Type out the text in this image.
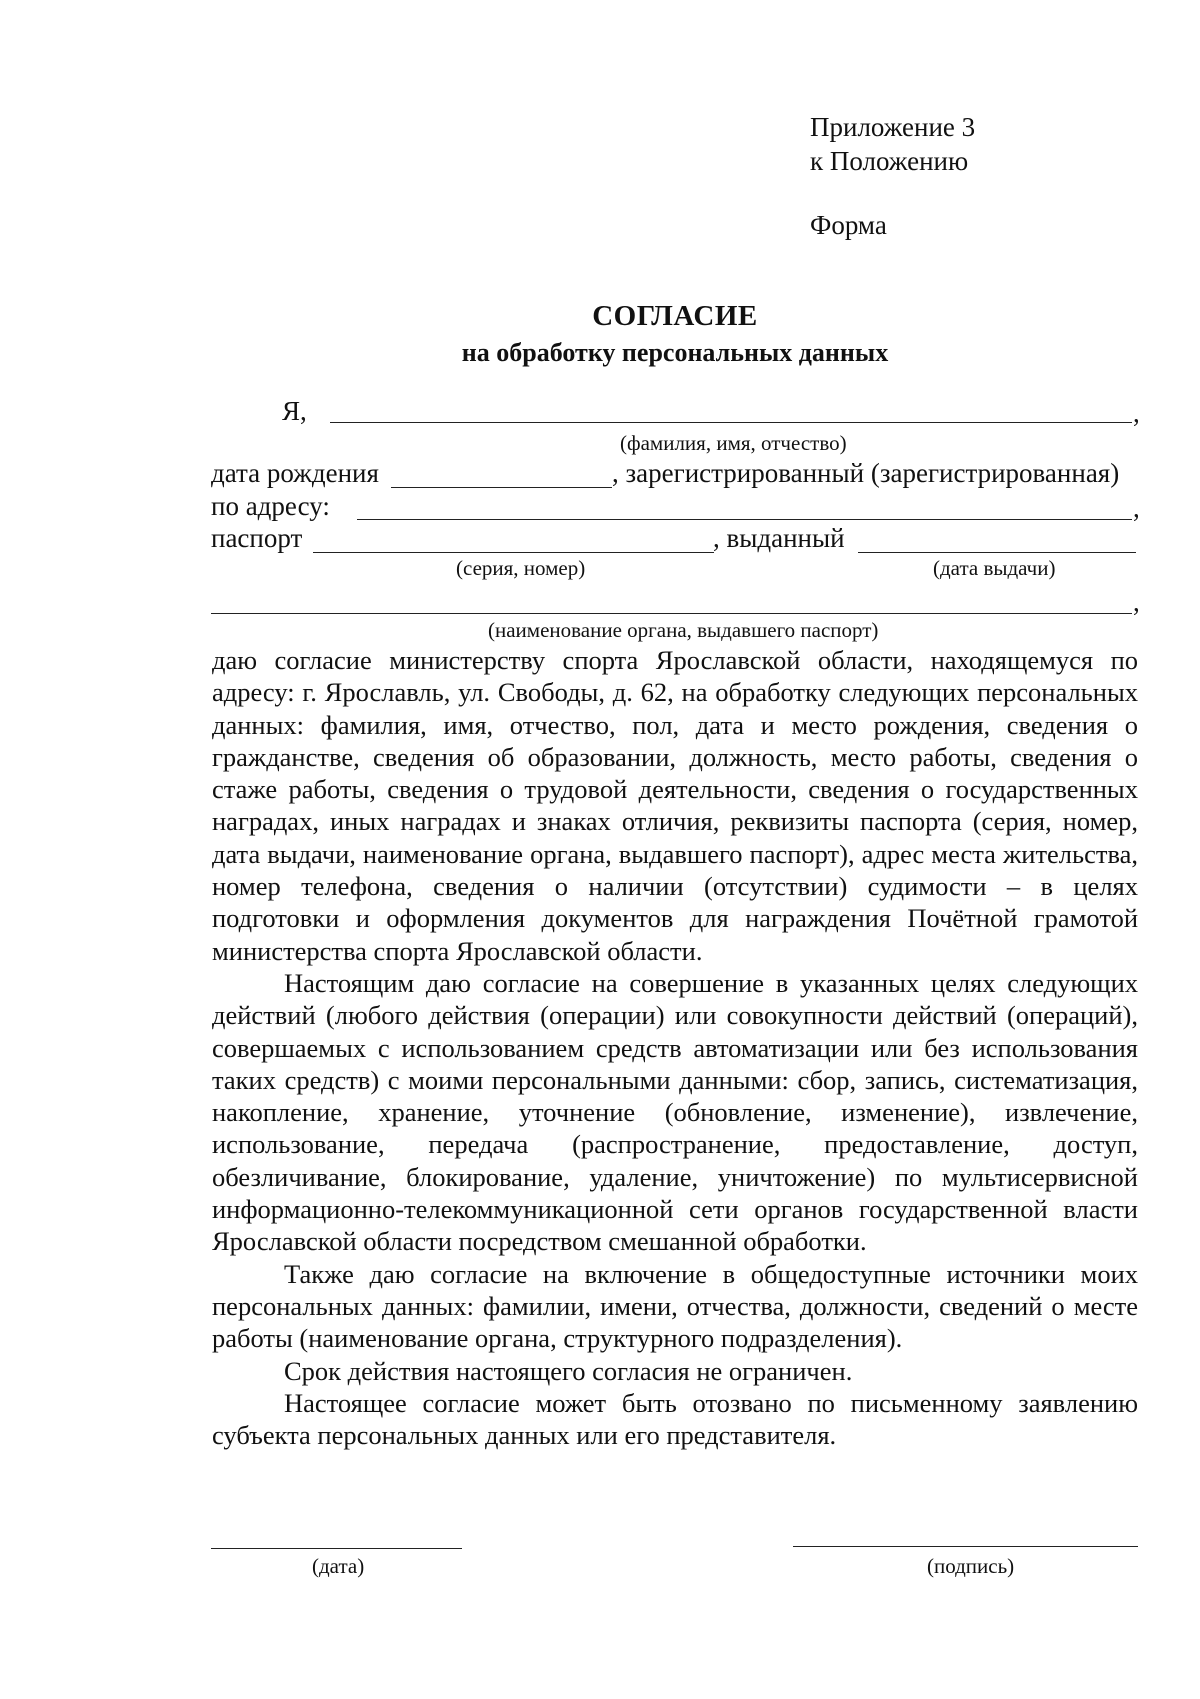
Приложение 3
к Положению
Форма
СОГЛАСИЕ
на обработку персональных данных
Я,	,
(фамилия, имя, отчество)
дата рождения	, зарегистрированный (зарегистрированная)
по адресу:	,
паспорт	, выданный
(серия, номер)	(дата выдачи)
,
(наименование органа, выдавшего паспорт)

даю согласие министерству спорта Ярославской области, находящемуся по адресу: г. Ярославль, ул. Свободы, д. 62, на обработку следующих персональных данных: фамилия, имя, отчество, пол, дата и место рождения, сведения о гражданстве, сведения об образовании, должность, место работы, сведения о стаже работы, сведения о трудовой деятельности, сведения о государственных наградах, иных наградах и знаках отличия, реквизиты паспорта (серия, номер, дата выдачи, наименование органа, выдавшего паспорт), адрес места жительства, номер телефона, сведения о наличии (отсутствии) судимости – в целях подготовки и оформления документов для награждения Почётной грамотой министерства спорта Ярославской области.

Настоящим даю согласие на совершение в указанных целях следующих действий (любого действия (операции) или совокупности действий (операций), совершаемых с использованием средств автоматизации или без использования таких средств) с моими персональными данными: сбор, запись, систематизация, накопление, хранение, уточнение (обновление, изменение), извлечение, использование, передача (распространение, предоставление, доступ, обезличивание, блокирование, удаление, уничтожение) по мультисервисной информационно-телекоммуникационной сети органов государственной власти Ярославской области посредством смешанной обработки.

Также даю согласие на включение в общедоступные источники моих персональных данных: фамилии, имени, отчества, должности, сведений о месте работы (наименование органа, структурного подразделения).

Срок действия настоящего согласия не ограничен.

Настоящее согласие может быть отозвано по письменному заявлению субъекта персональных данных или его представителя.

(дата)	(подпись)
